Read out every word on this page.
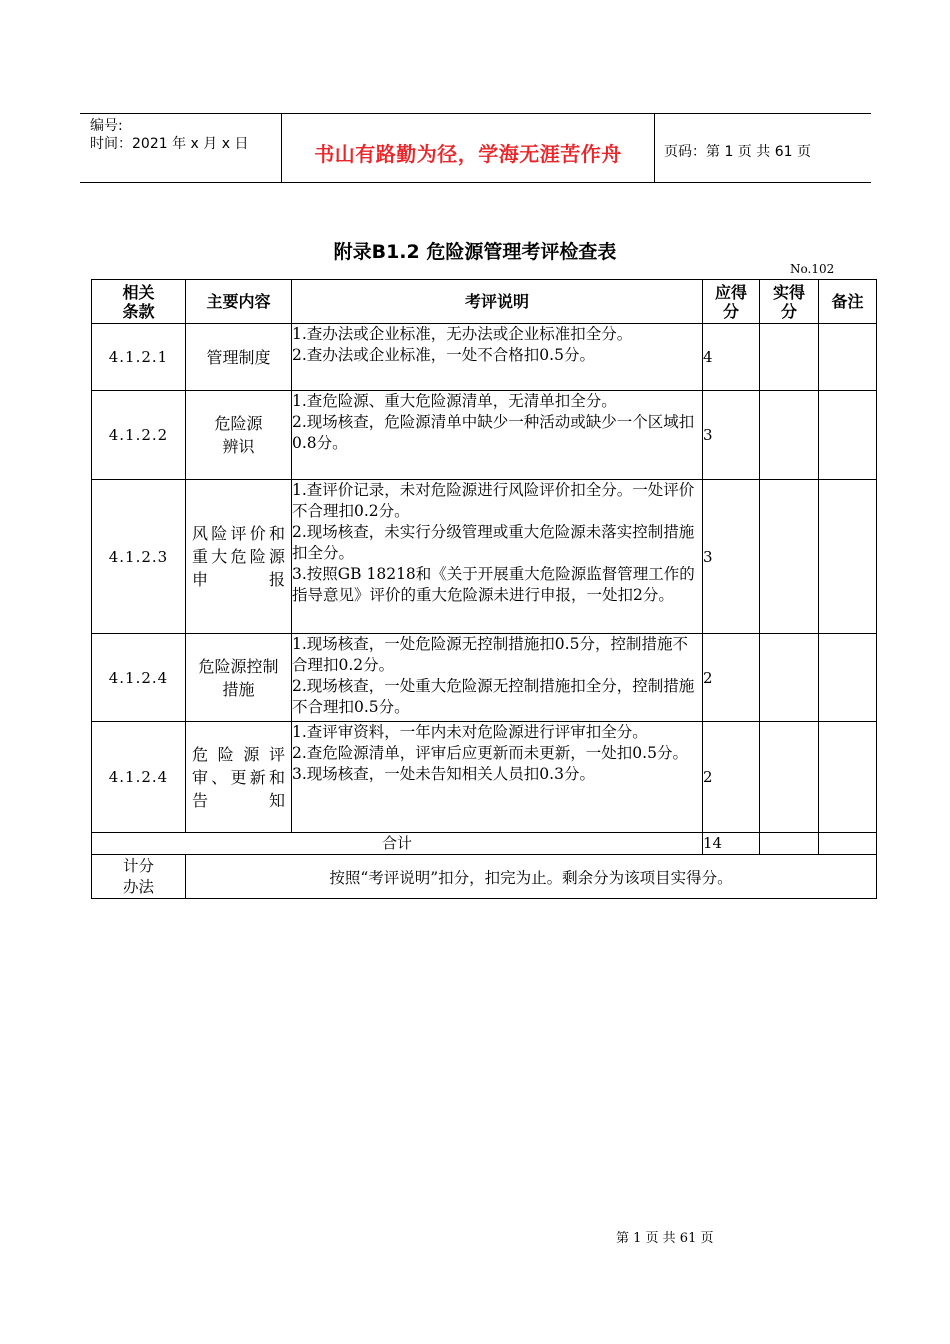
编号:
时间：2021 年 x 月 x 日	书山有路勤为径，学海无涯苦作舟	页码：第 1 页 共 61 页
附录B1.2 危险源管理考评检查表
No.102
相关条款	主要内容	考评说明	应得分	实得分	备注
4.1.2.1	管理制度	1.查办法或企业标准，无办法或企业标准扣全分。
2.查办法或企业标准，一处不合格扣0.5分。	4		
4.1.2.2	危险源辨识	1.查危险源、重大危险源清单，无清单扣全分。
2.现场核查，危险源清单中缺少一种活动或缺少一个区域扣0.8分。	3		
4.1.2.3	风险评价和重大危险源申报	1.查评价记录，未对危险源进行风险评价扣全分。一处评价不合理扣0.2分。
2.现场核查，未实行分级管理或重大危险源未落实控制措施扣全分。
3.按照GB 18218和《关于开展重大危险源监督管理工作的指导意见》评价的重大危险源未进行申报，一处扣2分。	3		
4.1.2.4	危险源控制措施	1.现场核查，一处危险源无控制措施扣0.5分，控制措施不合理扣0.2分。
2.现场核查，一处重大危险源无控制措施扣全分，控制措施不合理扣0.5分。	2		
4.1.2.4	危险源评审、更新和告知	1.查评审资料，一年内未对危险源进行评审扣全分。
2.查危险源清单，评审后应更新而未更新，一处扣0.5分。
3.现场核查，一处未告知相关人员扣0.3分。	2		
合计			14		

计分办法	按照“考评说明”扣分，扣完为止。剩余分为该项目实得分。				
第 1 页 共 61 页
